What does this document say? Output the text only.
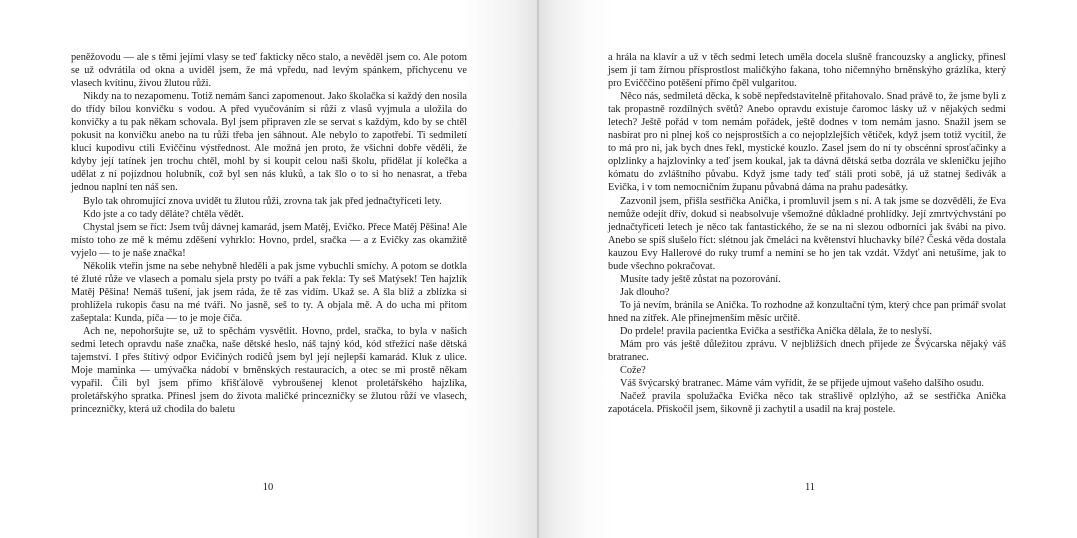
peněžovodu — ale s těmi jejími vlasy se teď fakticky něco stalo, a nevěděl jsem co. Ale potom se už odvrátila od okna a uviděl jsem, že má vpředu, nad levým spánkem, přichycenu ve vlasech kvítinu, živou žlutou růži.

Nikdy na to nezapomenu. Totiž nemám šanci zapomenout. Jako školačka si každý den nosila do třídy bílou konvičku s vodou. A před vyučováním si růži z vlasů vyjmula a uložila do konvičky a tu pak někam schovala. Byl jsem připraven zle se servat s každým, kdo by se chtěl pokusit na konvičku anebo na tu růži třeba jen sáhnout. Ale nebylo to zapotřebí. Ti sedmiletí kluci kupodivu ctili Eviččinu výstřednost. Ale možná jen proto, že všichni dobře věděli, že kdyby její tatínek jen trochu chtěl, mohl by si koupit celou naši školu, přidělat jí kolečka a udělat z ní pojízdnou holubník, což byl sen nás kluků, a tak šlo o to si ho nenasrat, a třeba jednou naplní ten náš sen.

Bylo tak ohromující znova uvidět tu žlutou růži, zrovna tak jak před jednačtyřiceti lety.

Kdo jste a co tady děláte? chtěla vědět.

Chystal jsem se říct: Jsem tvůj dávnej kamarád, jsem Matěj, Evičko. Přece Matěj Pěšina! Ale místo toho ze mě k mému zděšení vyhrklo: Hovno, prdel, sračka — a z Evičky zas okamžitě vyjelo — to je naše značka!

Několik vteřin jsme na sebe nehybně hleděli a pak jsme vybuchli smíchy. A potom se dotkla té žluté růže ve vlasech a pomalu sjela prsty po tváři a pak řekla: Ty seš Matýsek! Ten hajzlík Matěj Pěšina! Nemáš tušení, jak jsem ráda, že tě zas vidím. Ukaž se. A šla blíž a zblízka si prohlížela rukopis času na mé tváři. No jasně, seš to ty. A objala mě. A do ucha mi přitom zašeptala: Kunda, píča — to je moje čiča.

Ach ne, nepohoršujte se, už to spěchám vysvětlit. Hovno, prdel, sračka, to byla v našich sedmi letech opravdu naše značka, naše dětské heslo, náš tajný kód, kód střežící naše dětská tajemství. I přes štítivý odpor Evičiných rodičů jsem byl její nejlepší kamarád. Kluk z ulice. Moje maminka — umývačka nádobí v brněnských restauracích, a otec se mi prostě někam vypařil. Čili byl jsem přímo křišťálově vybroušenej klenot proletářského hajzlíka, proletářskýho spratka. Přinesl jsem do života maličké princezničky se žlutou růží ve vlasech, princezničky, která už chodila do baletu

10

a hrála na klavír a už v těch sedmi letech uměla docela slušně francouzsky a anglicky, přinesl jsem jí tam žírnou přísprostlost maličkýho fakana, toho ničemnýho brněnskýho grázlíka, který pro Evičččino potěšení přímo čpěl vulgaritou.

Něco nás, sedmiletá děcka, k sobě nepředstavitelně přitahovalo. Snad právě to, že jsme byli z tak propastně rozdílných světů? Anebo opravdu existuje čaromoc lásky už v nějakých sedmi letech? Ještě pořád v tom nemám pořádek, ještě dodnes v tom nemám jasno. Snažil jsem se nasbírat pro ni plnej koš co nejsprostších a co nejoplzlejších větiček, když jsem totiž vycítil, že to má pro ni, jak bych dnes řekl, mystické kouzlo. Zasel jsem do ní ty obscénní sprosťačinky a oplzlinky a hajzlovinky a teď jsem koukal, jak ta dávná dětská setba dozrála ve skleničku jejího kómatu do zvláštního půvabu. Když jsme tady teď stáli proti sobě, já už statnej šedivák a Evička, i v tom nemocničním županu půvabná dáma na prahu padesátky.

Zazvonil jsem, přišla sestřička Anička, i promluvil jsem s ní. A tak jsme se dozvěděli, že Eva nemůže odejít dřív, dokud si neabsolvuje všemožné důkladné prohlídky. Její zmrtvýchvstání po jednačtyřiceti letech je něco tak fantastického, že se na ni slezou odborníci jak švábi na pivo. Anebo se spíš slušelo říct: slétnou jak čmeláci na květenství hluchavky bílé? Česká věda dostala kauzou Evy Hallerové do ruky trumf a nemíní se ho jen tak vzdát. Vždyť ani netušíme, jak to bude všechno pokračovat.

Musíte tady ještě zůstat na pozorování.

Jak dlouho?

To já nevím, bránila se Anička. To rozhodne až konzultační tým, který chce pan primář svolat hned na zítřek. Ale přinejmenším měsíc určitě.

Do prdele! pravila pacientka Evička a sestřička Anička dělala, že to neslyší.

Mám pro vás ještě důležitou zprávu. V nejbližších dnech přijede ze Švýcarska nějaký váš bratranec.

Cože?

Váš švýcarský bratranec. Máme vám vyřídit, že se přijede ujmout vašeho dalšího osudu.

Načež pravila spolužačka Evička něco tak strašlivě oplzlýho, až se sestřička Anička zapotácela. Přiskočil jsem, šikovně ji zachytil a usadil na kraj postele.

11
